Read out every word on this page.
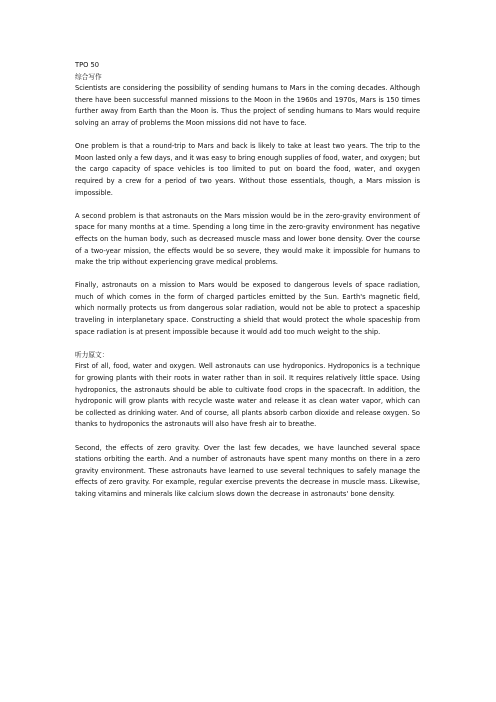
TPO 50

综合写作

Scientists are considering the possibility of sending humans to Mars in the coming decades. Although there have been successful manned missions to the Moon in the 1960s and 1970s, Mars is 150 times further away from Earth than the Moon is. Thus the project of sending humans to Mars would require solving an array of problems the Moon missions did not have to face.

One problem is that a round-trip to Mars and back is likely to take at least two years. The trip to the Moon lasted only a few days, and it was easy to bring enough supplies of food, water, and oxygen; but the cargo capacity of space vehicles is too limited to put on board the food, water, and oxygen required by a crew for a period of two years. Without those essentials, though, a Mars mission is impossible.

A second problem is that astronauts on the Mars mission would be in the zero-gravity environment of space for many months at a time. Spending a long time in the zero-gravity environment has negative effects on the human body, such as decreased muscle mass and lower bone density. Over the course of a two-year mission, the effects would be so severe, they would make it impossible for humans to make the trip without experiencing grave medical problems.

Finally, astronauts on a mission to Mars would be exposed to dangerous levels of space radiation, much of which comes in the form of charged particles emitted by the Sun. Earth's magnetic field, which normally protects us from dangerous solar radiation, would not be able to protect a spaceship traveling in interplanetary space. Constructing a shield that would protect the whole spaceship from space radiation is at present impossible because it would add too much weight to the ship.

听力原文：

First of all, food, water and oxygen. Well astronauts can use hydroponics. Hydroponics is a technique for growing plants with their roots in water rather than in soil. It requires relatively little space. Using hydroponics, the astronauts should be able to cultivate food crops in the spacecraft. In addition, the hydroponic will grow plants with recycle waste water and release it as clean water vapor, which can be collected as drinking water. And of course, all plants absorb carbon dioxide and release oxygen. So thanks to hydroponics the astronauts will also have fresh air to breathe.

Second, the effects of zero gravity. Over the last few decades, we have launched several space stations orbiting the earth. And a number of astronauts have spent many months on there in a zero gravity environment. These astronauts have learned to use several techniques to safely manage the effects of zero gravity. For example, regular exercise prevents the decrease in muscle mass. Likewise, taking vitamins and minerals like calcium slows down the decrease in astronauts' bone density.
